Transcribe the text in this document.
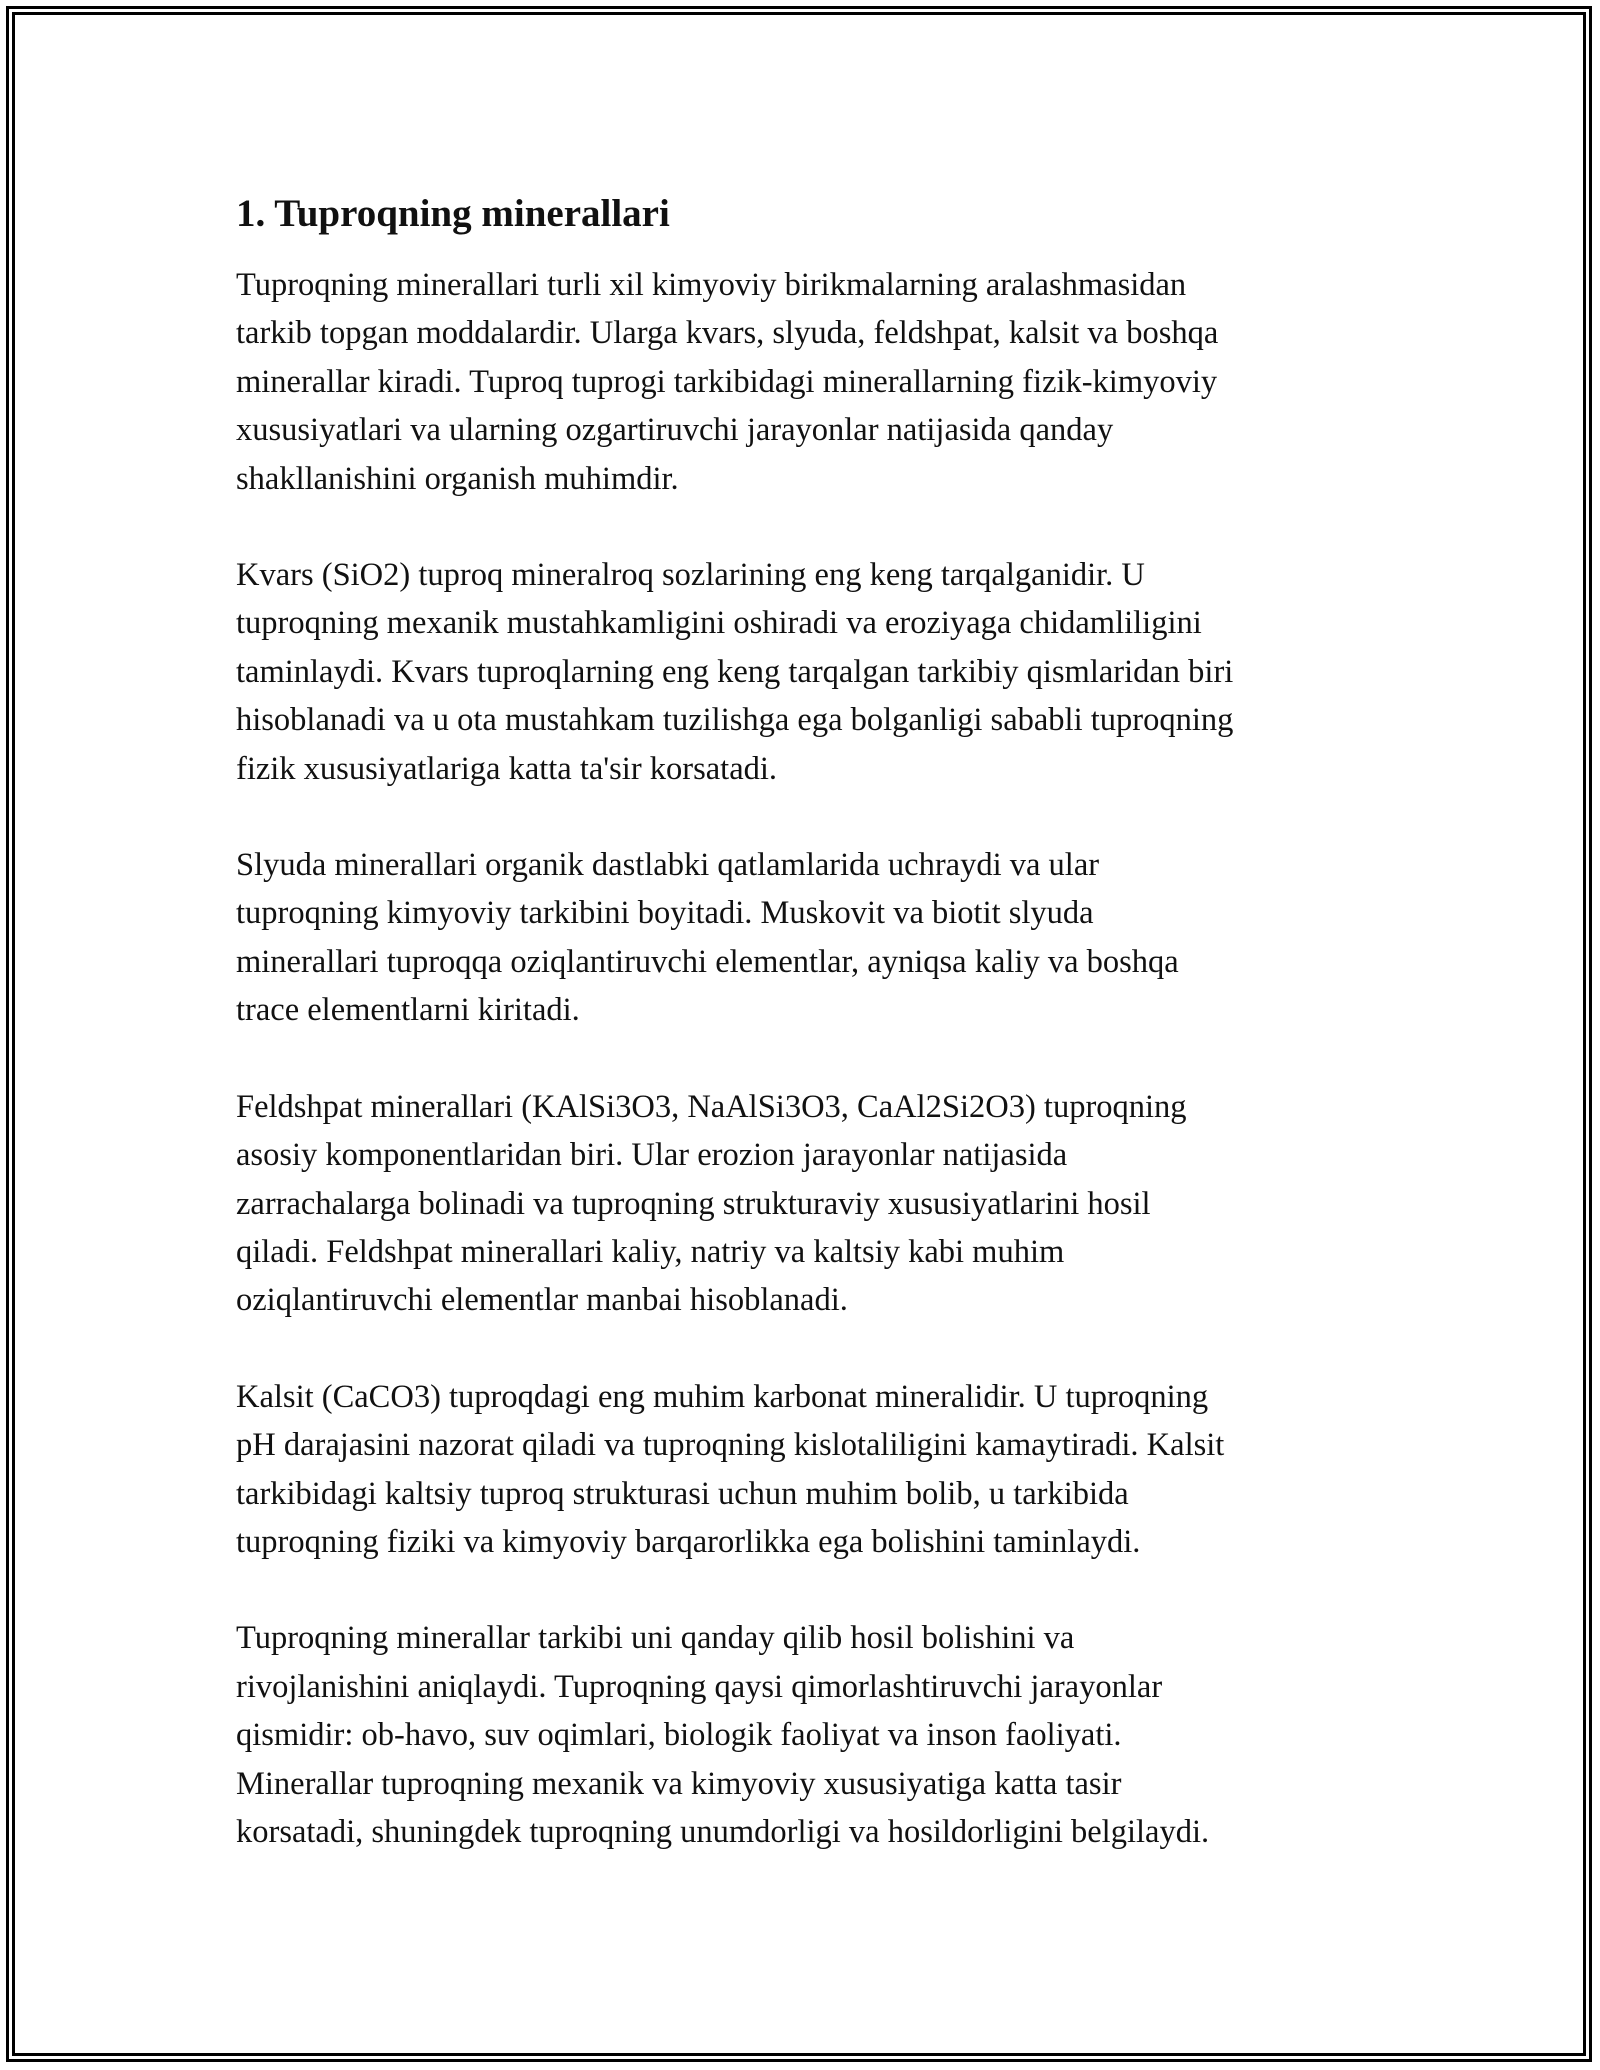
1. Tuproqning minerallari

Tuproqning minerallari turli xil kimyoviy birikmalarning aralashmasidan
tarkib topgan moddalardir. Ularga kvars, slyuda, feldshpat, kalsit va boshqa
minerallar kiradi. Tuproq tuprogi tarkibidagi minerallarning fizik-kimyoviy
xususiyatlari va ularning ozgartiruvchi jarayonlar natijasida qanday
shakllanishini organish muhimdir.

Kvars (SiO2) tuproq mineralroq sozlarining eng keng tarqalganidir. U
tuproqning mexanik mustahkamligini oshiradi va eroziyaga chidamliligini
taminlaydi. Kvars tuproqlarning eng keng tarqalgan tarkibiy qismlaridan biri
hisoblanadi va u ota mustahkam tuzilishga ega bolganligi sababli tuproqning
fizik xususiyatlariga katta ta'sir korsatadi.

Slyuda minerallari organik dastlabki qatlamlarida uchraydi va ular
tuproqning kimyoviy tarkibini boyitadi. Muskovit va biotit slyuda
minerallari tuproqqa oziqlantiruvchi elementlar, ayniqsa kaliy va boshqa
trace elementlarni kiritadi.

Feldshpat minerallari (KAlSi3O3, NaAlSi3O3, CaAl2Si2O3) tuproqning
asosiy komponentlaridan biri. Ular erozion jarayonlar natijasida
zarrachalarga bolinadi va tuproqning strukturaviy xususiyatlarini hosil
qiladi. Feldshpat minerallari kaliy, natriy va kaltsiy kabi muhim
oziqlantiruvchi elementlar manbai hisoblanadi.

Kalsit (CaCO3) tuproqdagi eng muhim karbonat mineralidir. U tuproqning
pH darajasini nazorat qiladi va tuproqning kislotaliligini kamaytiradi. Kalsit
tarkibidagi kaltsiy tuproq strukturasi uchun muhim bolib, u tarkibida
tuproqning fiziki va kimyoviy barqarorlikka ega bolishini taminlaydi.

Tuproqning minerallar tarkibi uni qanday qilib hosil bolishini va
rivojlanishini aniqlaydi. Tuproqning qaysi qimorlashtiruvchi jarayonlar
qismidir: ob-havo, suv oqimlari, biologik faoliyat va inson faoliyati.
Minerallar tuproqning mexanik va kimyoviy xususiyatiga katta tasir
korsatadi, shuningdek tuproqning unumdorligi va hosildorligini belgilaydi.
